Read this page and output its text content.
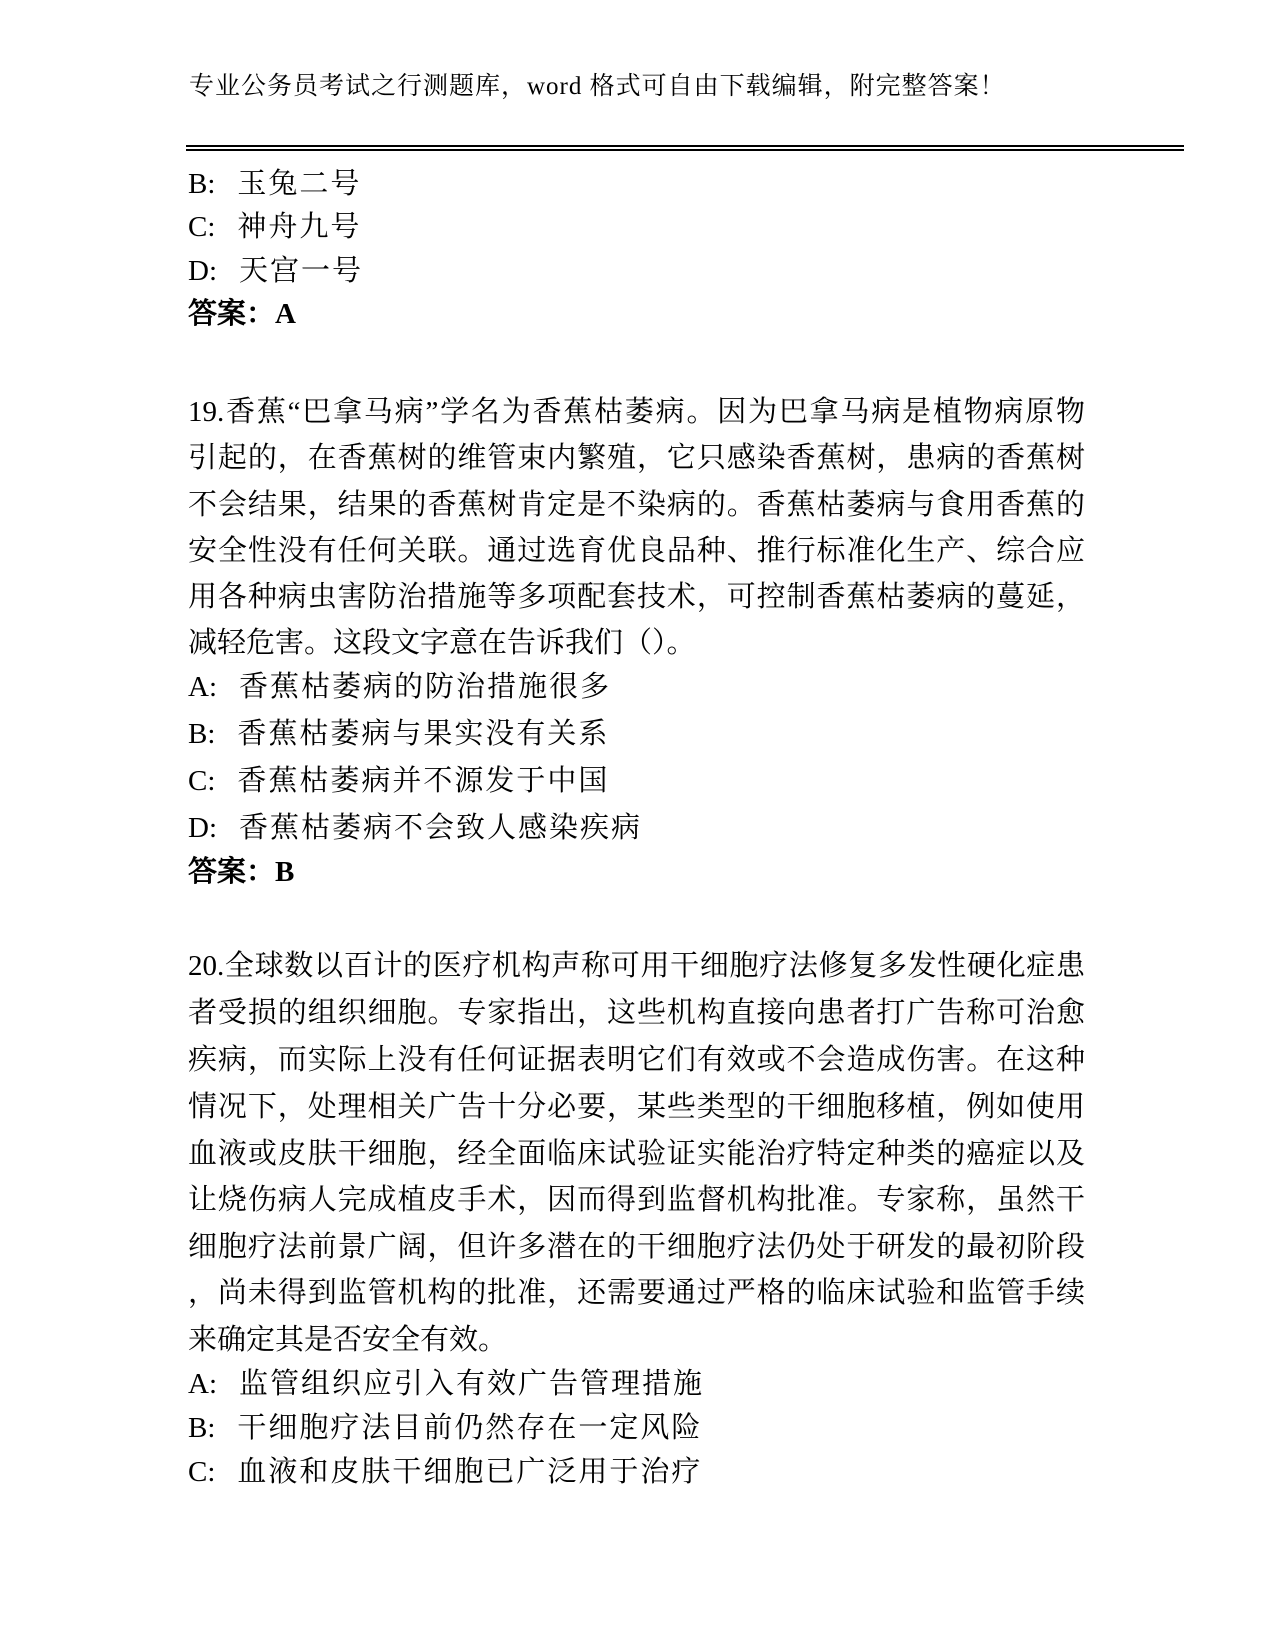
专业公务员考试之行测题库，word 格式可自由下载编辑，附完整答案！
B: 玉兔二号
C: 神舟九号
D: 天宫一号
答案：A
19.香蕉“巴拿马病”学名为香蕉枯萎病。因为巴拿马病是植物病原物
引起的，在香蕉树的维管束内繁殖，它只感染香蕉树，患病的香蕉树
不会结果，结果的香蕉树肯定是不染病的。香蕉枯萎病与食用香蕉的
安全性没有任何关联。通过选育优良品种、推行标准化生产、综合应
用各种病虫害防治措施等多项配套技术，可控制香蕉枯萎病的蔓延，
减轻危害。这段文字意在告诉我们（）。
A: 香蕉枯萎病的防治措施很多
B: 香蕉枯萎病与果实没有关系
C: 香蕉枯萎病并不源发于中国
D: 香蕉枯萎病不会致人感染疾病
答案：B
20.全球数以百计的医疗机构声称可用干细胞疗法修复多发性硬化症患
者受损的组织细胞。专家指出，这些机构直接向患者打广告称可治愈
疾病，而实际上没有任何证据表明它们有效或不会造成伤害。在这种
情况下，处理相关广告十分必要，某些类型的干细胞移植，例如使用
血液或皮肤干细胞，经全面临床试验证实能治疗特定种类的癌症以及
让烧伤病人完成植皮手术，因而得到监督机构批准。专家称，虽然干
细胞疗法前景广阔，但许多潜在的干细胞疗法仍处于研发的最初阶段
，尚未得到监管机构的批准，还需要通过严格的临床试验和监管手续
来确定其是否安全有效。
A: 监管组织应引入有效广告管理措施
B: 干细胞疗法目前仍然存在一定风险
C: 血液和皮肤干细胞已广泛用于治疗
